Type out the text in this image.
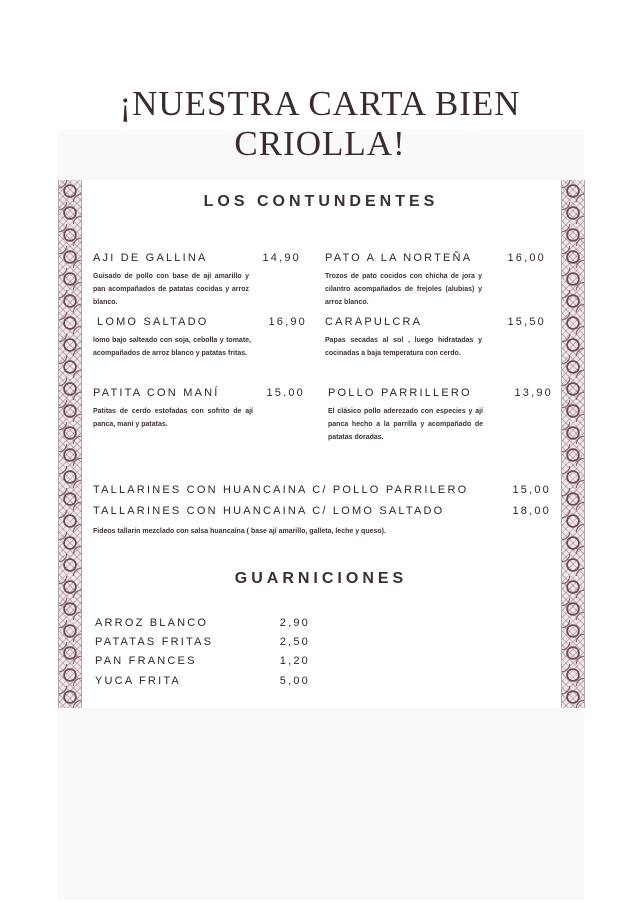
¡NUESTRA CARTA BIEN
CRIOLLA!
LOS CONTUNDENTES
AJI DE GALLINA	14,90
Guisado de pollo con base de ají amarillo y pan acompañados de patatas cocidas y arroz blanco.
PATO A LA NORTEÑA	16,00
Trozos de pato cocidos con chicha de jora y cilantro acompañados de frejoles (alubias) y arroz blanco.
LOMO SALTADO	16,90
lomo bajo salteado con soja, cebolla y tomate, acompañados de arroz blanco y patatas fritas.
CARAPULCRA	15,50
Papas secadas al sol , luego hidratadas y cocinadas a baja temperatura con cerdo.
PATITA CON MANÍ	15.00
Patitas de cerdo estofadas con sofrito de ají panca, maní y patatas.
POLLO PARRILLERO	13,90
El clásico pollo aderezado con especies y ají panca hecho a la parrilla y acompañado de patatas doradas.
TALLARINES CON HUANCAINA C/ POLLO PARRILERO	15,00
TALLARINES CON HUANCAINA C/ LOMO SALTADO	18,00
Fideos tallarín mezclado con salsa huancaína ( base ají amarillo, galleta, leche y queso).
GUARNICIONES
ARROZ BLANCO	2,90
PATATAS FRITAS	2,50
PAN FRANCES	1,20
YUCA FRITA	5,00
